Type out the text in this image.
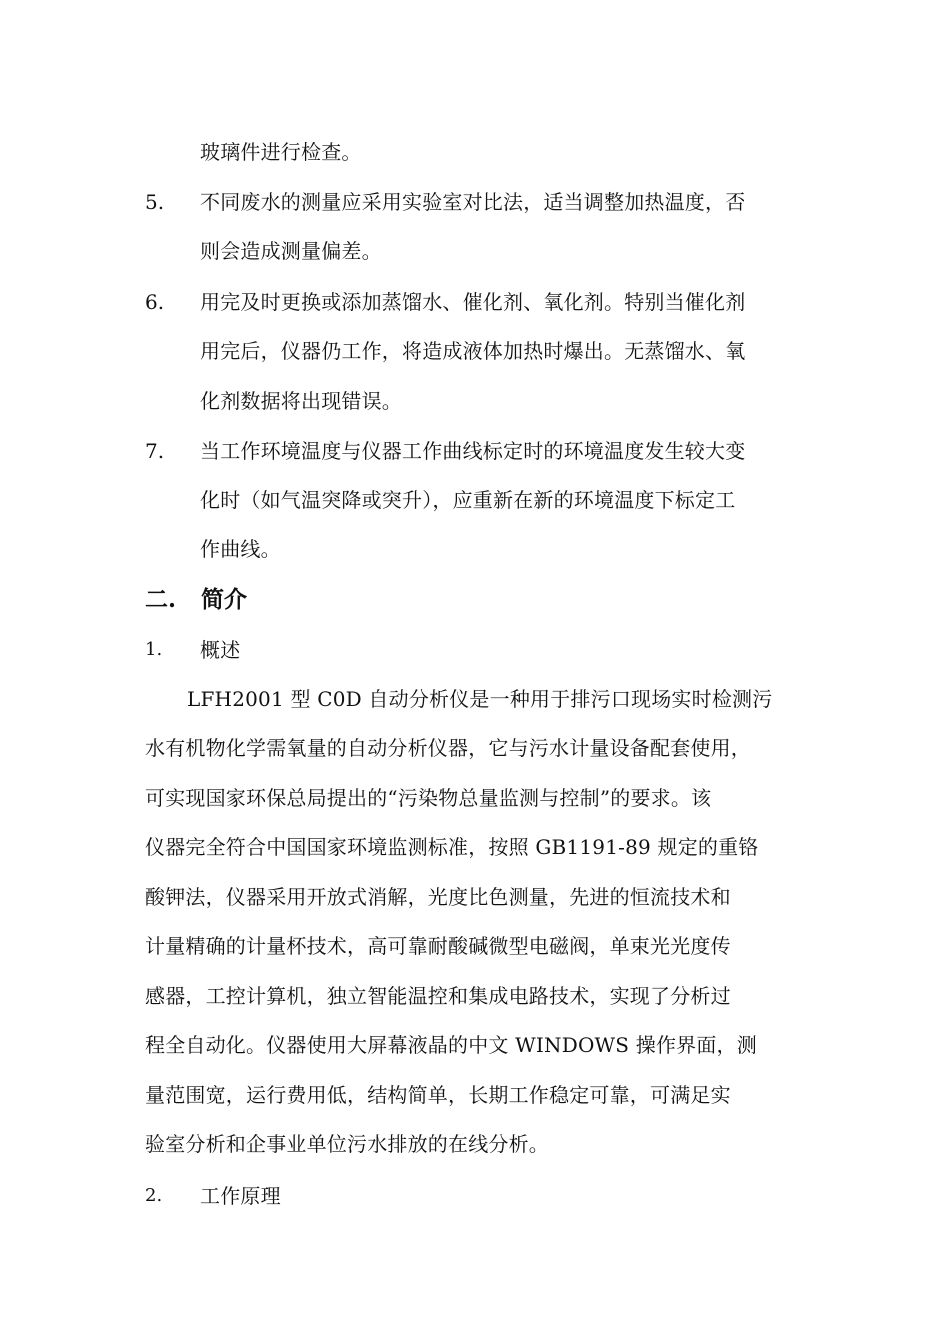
玻璃件进行检查。
5. 不同废水的测量应采用实验室对比法，适当调整加热温度，否
则会造成测量偏差。
6. 用完及时更换或添加蒸馏水、催化剂、氧化剂。特别当催化剂
用完后，仪器仍工作，将造成液体加热时爆出。无蒸馏水、氧
化剂数据将出现错误。
7. 当工作环境温度与仪器工作曲线标定时的环境温度发生较大变
化时（如气温突降或突升），应重新在新的环境温度下标定工
作曲线。
二. 简介
1. 概述
LFH2001 型 C0D 自动分析仪是一种用于排污口现场实时检测污
水有机物化学需氧量的自动分析仪器，它与污水计量设备配套使用，
可实现国家环保总局提出的“污染物总量监测与控制”的要求。该
仪器完全符合中国国家环境监测标准，按照 GB1191-89 规定的重铬
酸钾法，仪器采用开放式消解，光度比色测量，先进的恒流技术和
计量精确的计量杯技术，高可靠耐酸碱微型电磁阀，单束光光度传
感器，工控计算机，独立智能温控和集成电路技术，实现了分析过
程全自动化。仪器使用大屏幕液晶的中文 WINDOWS 操作界面，测
量范围宽，运行费用低，结构简单，长期工作稳定可靠，可满足实
验室分析和企事业单位污水排放的在线分析。
2. 工作原理
